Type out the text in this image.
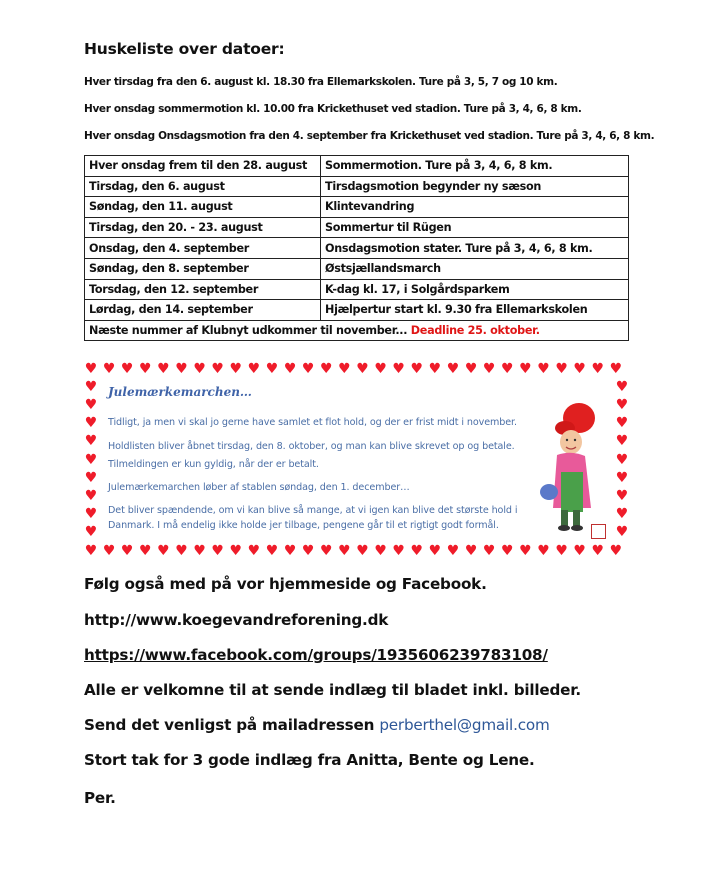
Huskeliste over datoer:
Hver tirsdag fra den 6. august kl. 18.30 fra Ellemarkskolen. Ture på 3, 5, 7 og 10 km.
Hver onsdag sommermotion kl. 10.00 fra Krickethuset ved stadion. Ture på 3, 4, 6, 8 km.
Hver onsdag Onsdagsmotion fra den 4. september fra Krickethuset ved stadion. Ture på 3, 4, 6, 8 km.
Hver onsdag frem til den 28. august	Sommermotion. Ture på 3, 4, 6, 8 km.
Tirsdag, den 6. august	Tirsdagsmotion begynder ny sæson
Søndag, den 11. august	Klintevandring
Tirsdag, den 20. - 23. august	Sommertur til Rügen
Onsdag, den 4. september	Onsdagsmotion stater. Ture på 3, 4, 6, 8 km.
Søndag, den 8. september	Østsjællandsmarch
Torsdag, den 12. september	K-dag kl. 17, i Solgårdsparkem
Lørdag, den 14. september	Hjælpertur start kl. 9.30 fra Ellemarkskolen
Næste nummer af Klubnyt udkommer til november... Deadline 25. oktober.	
♥
♥
♥
♥
♥
♥
♥
♥
♥
♥
♥
♥
♥
♥
♥
♥
♥
♥
♥
♥
♥
♥
♥
♥
♥
♥
♥
♥
♥
♥
♥
♥
♥
♥
♥
♥
♥
♥
♥
♥
♥
♥
♥
♥
♥
♥
♥
♥
♥
♥
♥
♥
♥
♥
♥
♥
♥
♥
♥
♥
♥	♥
♥	♥
♥	♥
♥	♥
♥	♥
♥	♥
♥	♥
♥	♥
♥	♥
Julemærkemarchen…
Tidligt, ja men vi skal jo gerne have samlet et flot hold, og der er frist midt i november.
Holdlisten bliver åbnet tirsdag, den 8. oktober, og man kan blive skrevet op og betale.
Tilmeldingen er kun gyldig, når der er betalt.
Julemærkemarchen løber af stablen søndag, den 1. december…
Det bliver spændende, om vi kan blive så mange, at vi igen kan blive det største hold i
Danmark. I må endelig ikke holde jer tilbage, pengene går til et rigtigt godt formål.
Følg også med på vor hjemmeside og Facebook.
http://www.koegevandreforening.dk
https://www.facebook.com/groups/1935606239783108/
Alle er velkomne til at sende indlæg til bladet inkl. billeder.
Send det venligst på mailadressen perberthel@gmail.com
Stort tak for 3 gode indlæg fra Anitta, Bente og Lene.
Per.
